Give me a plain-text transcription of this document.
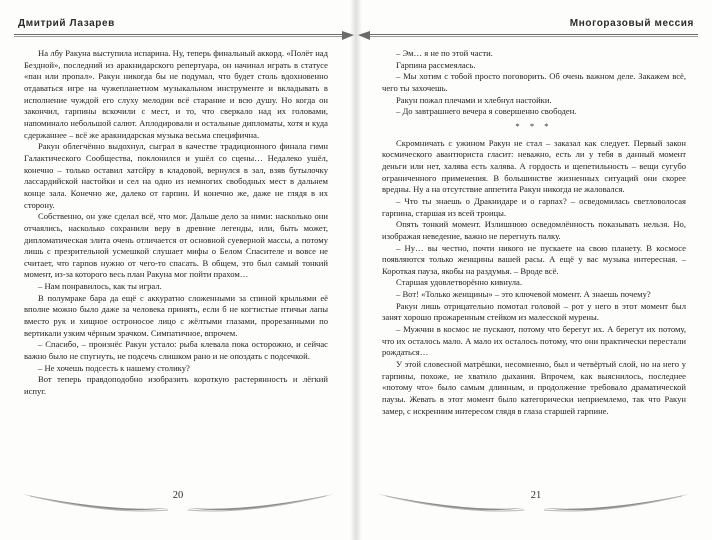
Дмитрий Лазарев

На лбу Ракуна выступила испарина. Ну, теперь финальный аккорд. «Полёт над Бездной», последний из аракнидарского репертуара, он начинал играть в статусе «пан или пропал». Ракун никогда бы не подумал, что будет столь вдохновенно отдаваться игре на чужепланетном музыкальном инструменте и вкладывать в исполнение чуждой его слуху мелодии всё старание и всю душу. Но когда он закончил, гарпины вскочили с мест, и то, что сверкало над их головами, напоминало небольшой салют. Аплодировали и остальные дипломаты, хотя и куда сдержаннее – всё же аракнидарская музыка весьма специфична.

Ракун облегчённо выдохнул, сыграл в качестве традиционного финала гимн Галактического Сообщества, поклонился и ушёл со сцены… Недалеко ушёл, конечно – только оставил хатсйру в кладовой, вернулся в зал, взяв бутылочку лассардийской настойки и сел на одно из немногих свободных мест в дальнем конце зала. Конечно же, далеко от гарпин. И конечно же, даже не глядя в их сторону.

Собственно, он уже сделал всё, что мог. Дальше дело за ними: насколько они отчаялись, насколько сохранили веру в древние легенды, или, быть может, дипломатическая элита очень отличается от основной суеверной массы, а потому лишь с презрительной усмешкой слушает мифы о Белом Спасителе и вовсе не считает, что гарпов нужно от чего-то спасать. В общем, это был самый тонкий момент, из-за которого весь план Ракуна мог пойти прахом…

– Нам понравилось, как ты играл.

В полумраке бара да ещё с аккуратно сложенными за спиной крыльями её вполне можно было даже за человека принять, если б не когтистые птичьи лапы вместо рук и хищное остроносое лицо с жёлтыми глазами, прорезанными по вертикали узким чёрным зрачком. Симпатичное, впрочем.

– Спасибо, – произнёс Ракун устало: рыба клевала пока осторожно, и сейчас важно было не спугнуть, не подсечь слишком рано и не опоздать с подсечкой.

– Не хочешь подсесть к нашему столику?

Вот теперь правдоподобно изобразить короткую растерянность и лёгкий испуг.

20
Многоразовый мессия

– Эм… я не по этой части.

Гарпина рассмеялась.

– Мы хотим с тобой просто поговорить. Об очень важном деле. Закажем всё, чего ты захочешь.

Ракун пожал плечами и хлебнул настойки.

– До завтрашнего вечера я совершенно свободен.

* * *

Скромничать с ужином Ракун не стал – заказал как следует. Первый закон космического авантюриста гласит: неважно, есть ли у тебя в данный момент деньги или нет, халява есть халява. А гордость и щепетильность – вещи сугубо ограниченного применения. В большинстве жизненных ситуаций они скорее вредны. Ну а на отсутствие аппетита Ракун никогда не жаловался.

– Что ты знаешь о Дракнидаре и о гарпах? – осведомилась светловолосая гарпина, старшая из всей троицы.

Опять тонкий момент. Излишнюю осведомлённость показывать нельзя. Но, изображая неведение, важно не перегнуть палку.

– Ну… вы честно, почти никого не пускаете на свою планету. В космосе появляются только женщины вашей расы. А ещё у вас музыка интересная. – Короткая пауза, якобы на раздумья. – Вроде всё.

Старшая удовлетворённо кивнула.

– Вот! «Только женщины» – это ключевой момент. А знаешь почему?

Ракун лишь отрицательно помотал головой – рот у него в этот момент был занят хорошо прожаренным стейком из малесской мурены.

– Мужчин в космос не пускают, потому что берегут их. А берегут их потому, что их осталось мало. А мало их осталось потому, что они практически перестали рождаться…

У этой словесной матрёшки, несомненно, был и четвёртый слой, но на него у гарпины, похоже, не хватило дыхания. Впрочем, как выяснилось, последнее «потому что» было самым длинным, и продолжение требовало драматической паузы. Жевать в этот момент было категорически неприемлемо, так что Ракун замер, с искренним интересом глядя в глаза старшей гарпине.

21
